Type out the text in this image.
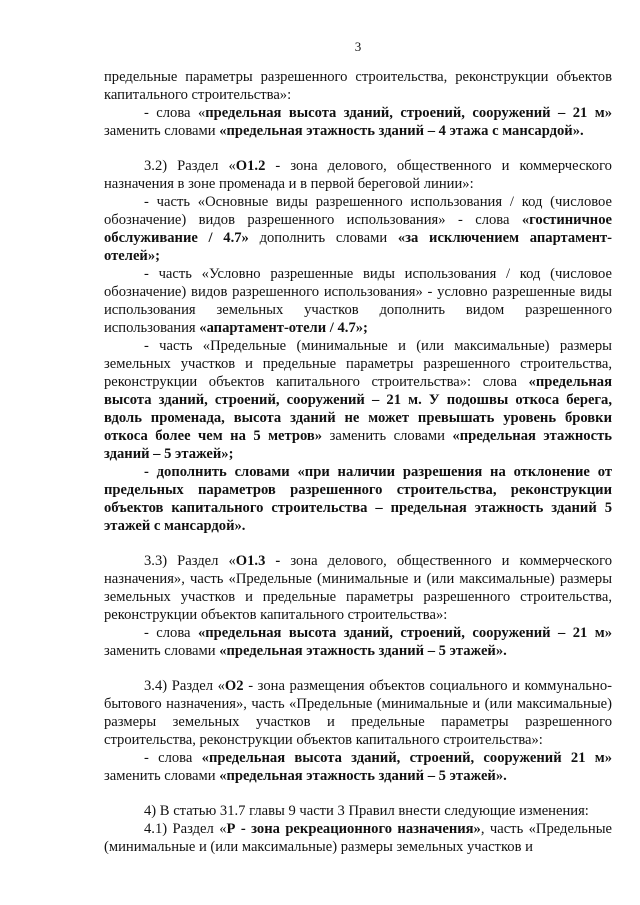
3

предельные параметры разрешенного строительства, реконструкции объектов капитального строительства»:

- слова «предельная высота зданий, строений, сооружений – 21 м» заменить словами «предельная этажность зданий – 4 этажа с мансардой».

3.2) Раздел «О1.2 - зона делового, общественного и коммерческого назначения в зоне променада и в первой береговой линии»:

- часть «Основные виды разрешенного использования / код (числовое обозначение) видов разрешенного использования» - слова «гостиничное обслуживание / 4.7» дополнить словами «за исключением апартамент-отелей»;

- часть «Условно разрешенные виды использования / код (числовое обозначение) видов разрешенного использования» - условно разрешенные виды использования земельных участков дополнить видом разрешенного использования «апартамент-отели / 4.7»;

- часть «Предельные (минимальные и (или максимальные) размеры земельных участков и предельные параметры разрешенного строительства, реконструкции объектов капитального строительства»: слова «предельная высота зданий, строений, сооружений – 21 м. У подошвы откоса берега, вдоль променада, высота зданий не может превышать уровень бровки откоса более чем на 5 метров» заменить словами «предельная этажность зданий – 5 этажей»;

- дополнить словами «при наличии разрешения на отклонение от предельных параметров разрешенного строительства, реконструкции объектов капитального строительства – предельная этажность зданий 5 этажей с мансардой».

3.3) Раздел «О1.3 - зона делового, общественного и коммерческого назначения», часть «Предельные (минимальные и (или максимальные) размеры земельных участков и предельные параметры разрешенного строительства, реконструкции объектов капитального строительства»:

- слова «предельная высота зданий, строений, сооружений – 21 м» заменить словами «предельная этажность зданий – 5 этажей».

3.4) Раздел «О2 - зона размещения объектов социального и коммунально-бытового назначения», часть «Предельные (минимальные и (или максимальные) размеры земельных участков и предельные параметры разрешенного строительства, реконструкции объектов капитального строительства»:

- слова «предельная высота зданий, строений, сооружений 21 м» заменить словами «предельная этажность зданий – 5 этажей».

4) В статью 31.7 главы 9 части 3 Правил внести следующие изменения:

4.1) Раздел «Р - зона рекреационного назначения», часть «Предельные (минимальные и (или максимальные) размеры земельных участков и
